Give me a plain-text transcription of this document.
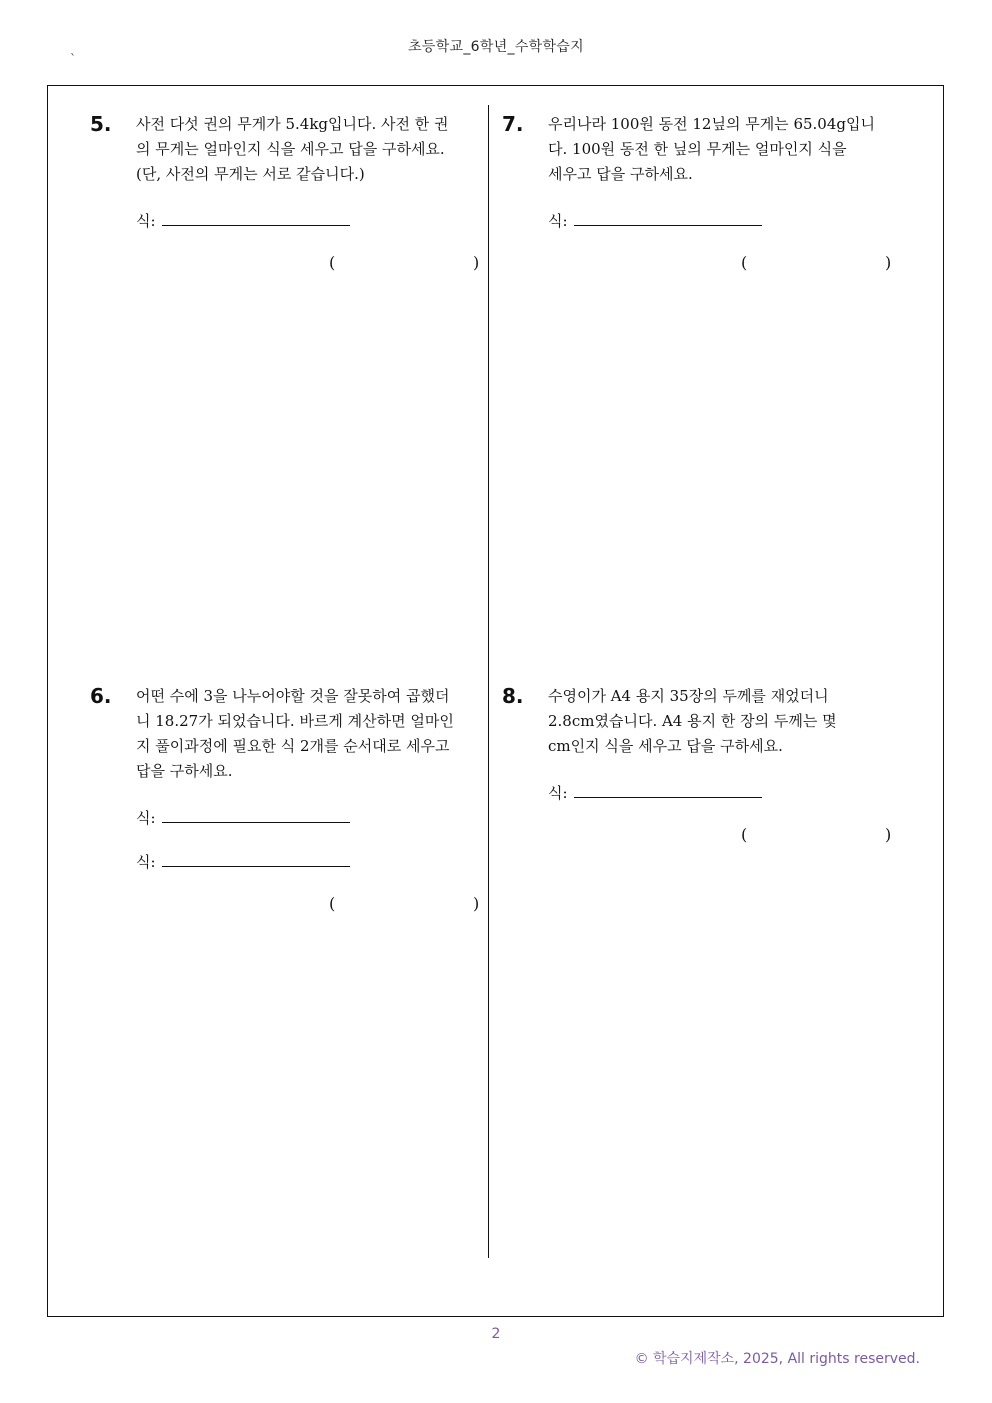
초등학교_6학년_수학학습지
`
5. 사전 다섯 권의 무게가 5.4kg입니다. 사전 한 권
의 무게는 얼마인지 식을 세우고 답을 구하세요.
(단, 사전의 무게는 서로 같습니다.)
식:
(	)
7. 우리나라 100원 동전 12닢의 무게는 65.04g입니
다. 100원 동전 한 닢의 무게는 얼마인지 식을
세우고 답을 구하세요.
식:
(	)
6. 어떤 수에 3을 나누어야할 것을 잘못하여 곱했더
니 18.27가 되었습니다. 바르게 계산하면 얼마인
지 풀이과정에 필요한 식 2개를 순서대로 세우고
답을 구하세요.
식:
식:
(	)
8. 수영이가 A4 용지 35장의 두께를 재었더니
2.8cm였습니다. A4 용지 한 장의 두께는 몇
cm인지 식을 세우고 답을 구하세요.
식:
(	)
2
© 학습지제작소, 2025, All rights reserved.
